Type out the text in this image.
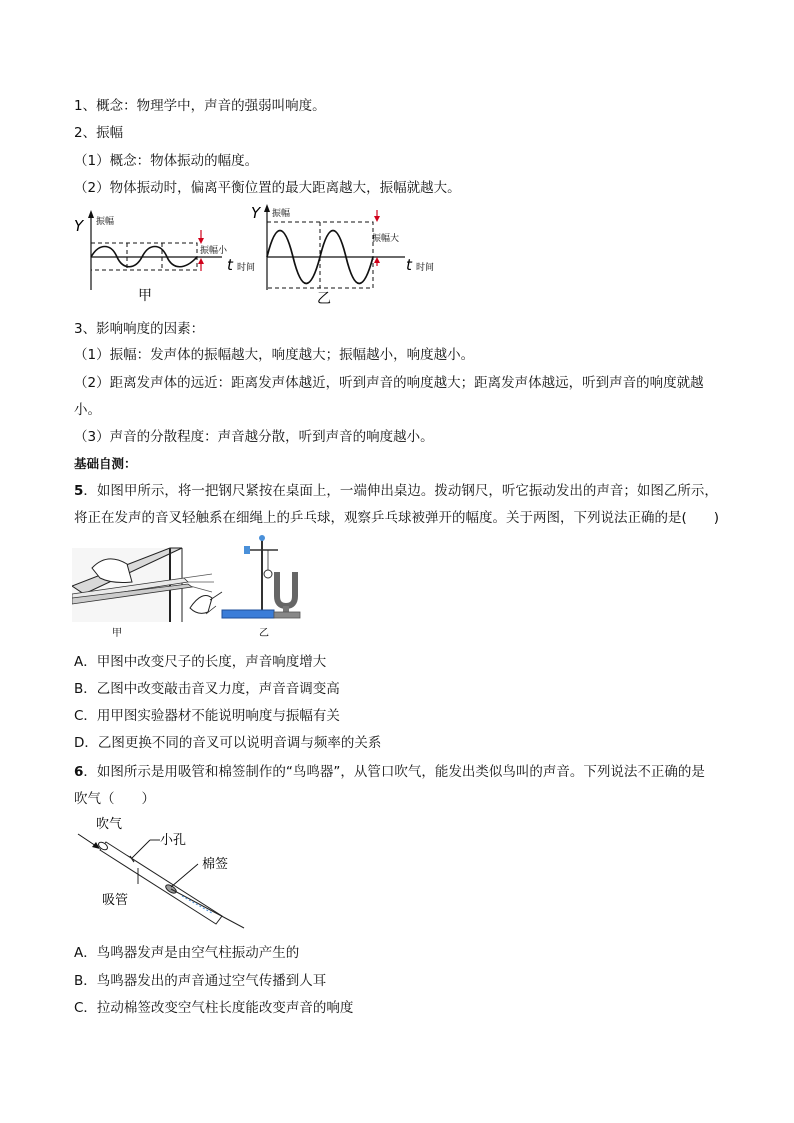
1、概念：物理学中，声音的强弱叫响度。
2、振幅
（1）概念：物体振动的幅度。
（2）物体振动时，偏离平衡位置的最大距离越大，振幅就越大。
Y 振幅
振幅小
t 时间
甲
Y 振幅
振幅大
t 时间
乙
3、影响响度的因素：
（1）振幅：发声体的振幅越大，响度越大；振幅越小，响度越小。
（2）距离发声体的远近：距离发声体越近，听到声音的响度越大；距离发声体越远，听到声音的响度就越
小。
（3）声音的分散程度：声音越分散，听到声音的响度越小。
基础自测：
5．如图甲所示，将一把钢尺紧按在桌面上，一端伸出桌边。拨动钢尺，听它振动发出的声音；如图乙所示，
将正在发声的音叉轻触系在细绳上的乒乓球，观察乒乓球被弹开的幅度。关于两图，下列说法正确的是(　　)
甲	乙
A．甲图中改变尺子的长度，声音响度增大
B．乙图中改变敲击音叉力度，声音音调变高
C．用甲图实验器材不能说明响度与振幅有关
D．乙图更换不同的音叉可以说明音调与频率的关系
6．如图所示是用吸管和棉签制作的“鸟鸣器”，从管口吹气，能发出类似鸟叫的声音。下列说法不正确的是
吹气（　　）
吹气
小孔
棉签
吸管
A．鸟鸣器发声是由空气柱振动产生的
B．鸟鸣器发出的声音通过空气传播到人耳
C．拉动棉签改变空气柱长度能改变声音的响度
